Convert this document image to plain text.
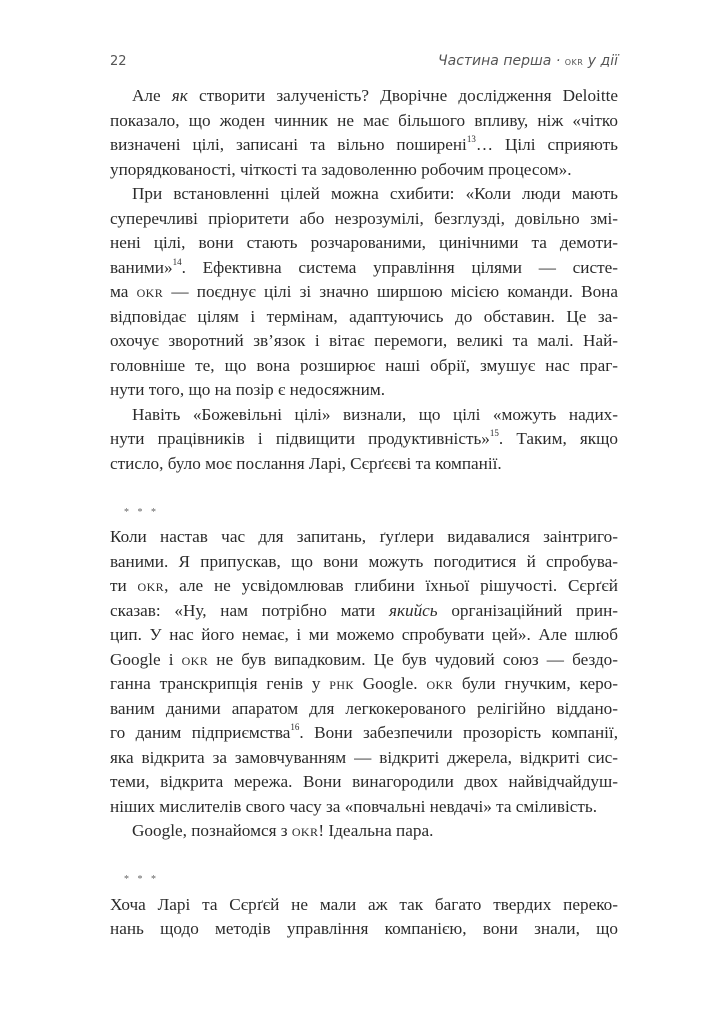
22	Частина перша · okr у дії
Але як створити залученість? Дворічне дослідження Deloitte
показало, що жоден чинник не має більшого впливу, ніж «чітко
визначені цілі, записані та вільно поширені$^{13}$… Цілі сприяють
упорядкованості, чіткості та задоволенню робочим процесом».
При встановленні цілей можна схибити: «Коли люди мають
суперечливі пріоритети або незрозумілі, безглузді, довільно змі-
нені цілі, вони стають розчарованими, цинічними та демоти-
ваними»$^{14}$. Ефективна система управління цілями — систе-
ма okr — поєднує цілі зі значно ширшою місією команди. Вона
відповідає цілям і термінам, адаптуючись до обставин. Це за-
охочує зворотний зв’язок і вітає перемоги, великі та малі. Най-
головніше те, що вона розширює наші обрії, змушує нас праг-
нути того, що на позір є недосяжним.
Навіть «Божевільні цілі» визнали, що цілі «можуть надих-
нути працівників і підвищити продуктивність»$^{15}$. Таким, якщо
стисло, було моє послання Ларі, Сєрґєєві та компанії.
* * *
Коли настав час для запитань, ґуґлери видавалися заінтриго-
ваними. Я припускав, що вони можуть погодитися й спробува-
ти okr, але не усвідомлював глибини їхньої рішучості. Сєрґєй
сказав: «Ну, нам потрібно мати якийсь організаційний прин-
цип. У нас його немає, і ми можемо спробувати цей». Але шлюб
Google і okr не був випадковим. Це був чудовий союз — бездо-
ганна транскрипція генів у рнк Google. okr були гнучким, керо-
ваним даними апаратом для легкокерованого релігійно віддано-
го даним підприємства$^{16}$. Вони забезпечили прозорість компанії,
яка відкрита за замовчуванням — відкриті джерела, відкриті сис-
теми, відкрита мережа. Вони винагородили двох найвідчайдуш-
ніших мислителів свого часу за «повчальні невдачі» та сміливість.
Google, познайомся з okr! Ідеальна пара.
* * *
Хоча Ларі та Сєрґєй не мали аж так багато твердих переко-
нань щодо методів управління компанією, вони знали, що
